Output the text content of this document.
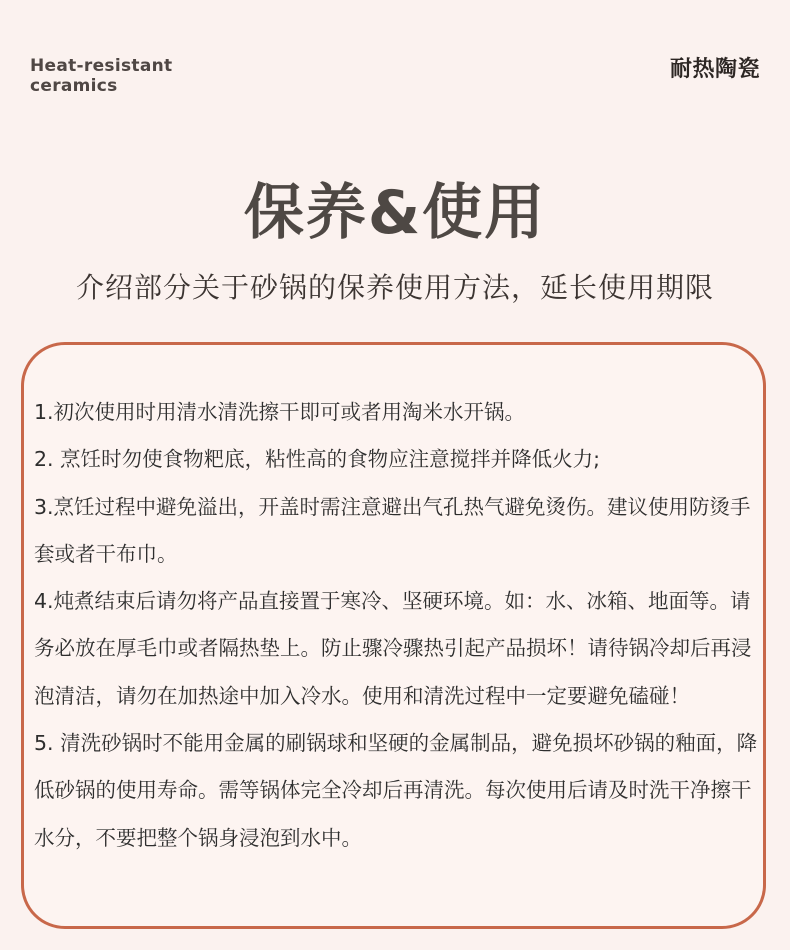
Heat-resistant
ceramics
耐热陶瓷
保养&使用
介绍部分关于砂锅的保养使用方法，延长使用期限

1.初次使用时用清水清洗擦干即可或者用淘米水开锅。

2. 烹饪时勿使食物粑底，粘性高的食物应注意搅拌并降低火力;

3.烹饪过程中避免溢出，开盖时需注意避出气孔热气避免烫伤。建议使用防烫手套或者干布巾。

4.炖煮结束后请勿将产品直接置于寒冷、坚硬环境。如：水、冰箱、地面等。请务必放在厚毛巾或者隔热垫上。防止骤冷骤热引起产品损坏！请待锅冷却后再浸泡清洁，请勿在加热途中加入冷水。使用和清洗过程中一定要避免磕碰！

5. 清洗砂锅时不能用金属的刷锅球和坚硬的金属制品，避免损坏砂锅的釉面，降低砂锅的使用寿命。需等锅体完全冷却后再清洗。每次使用后请及时洗干净擦干水分，不要把整个锅身浸泡到水中。
